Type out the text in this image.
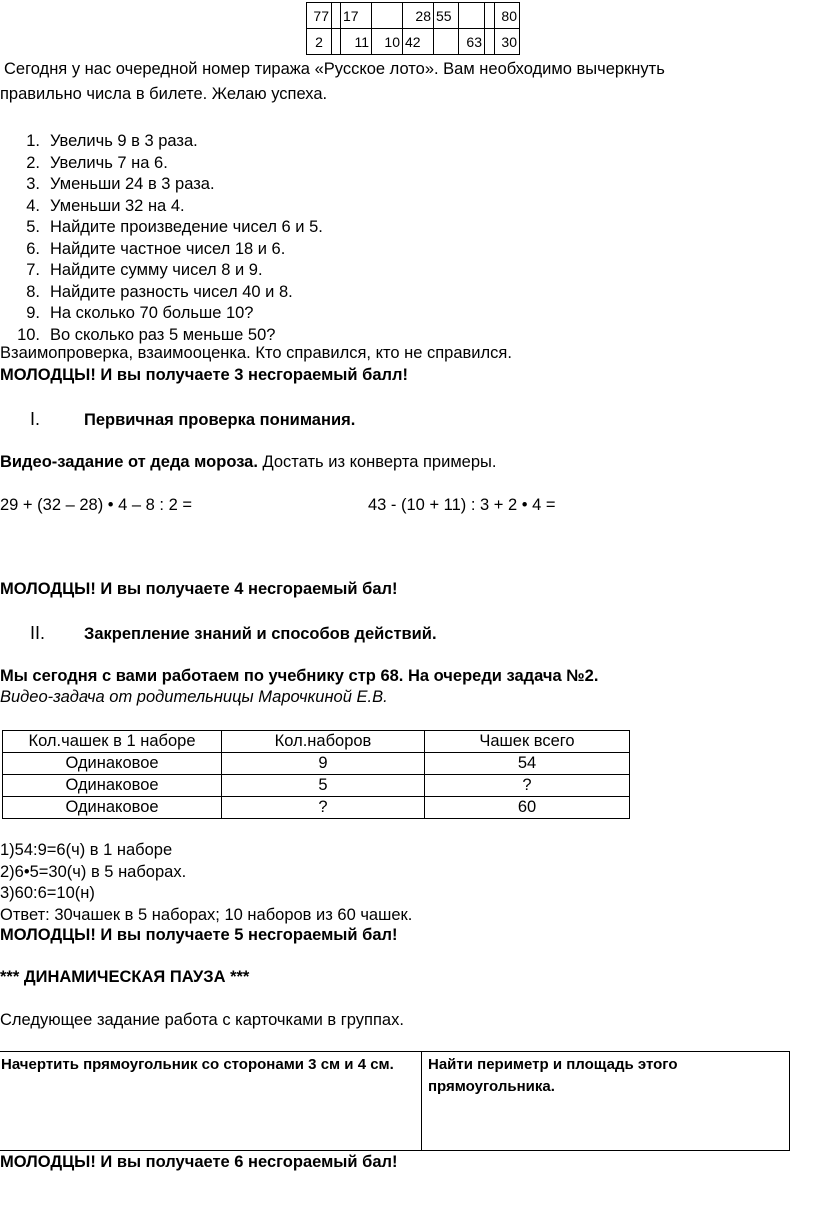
77		17		28	55			80
2		11	10	42		63		30
Сегодня у нас очередной номер тиража «Русское лото». Вам необходимо вычеркнуть
правильно числа в билете. Желаю успеха.
1. Увеличь 9 в 3 раза.
2. Увеличь 7 на 6.
3. Уменьши 24 в 3 раза.
4. Уменьши 32 на 4.
5. Найдите произведение чисел 6 и 5.
6. Найдите частное чисел 18 и 6.
7. Найдите сумму чисел 8 и 9.
8. Найдите разность чисел 40 и 8.
9. На сколько 70 больше 10?
10. Во сколько раз 5 меньше 50?
Взаимопроверка, взаимооценка. Кто справился, кто не справился.
МОЛОДЦЫ! И вы получаете 3 несгораемый балл!
I.	Первичная проверка понимания.
Видео-задание от деда мороза. Достать из конверта примеры.
29 + (32 – 28) • 4 – 8 : 2 =	43 - (10 + 11) : 3 + 2 • 4 =
МОЛОДЦЫ! И вы получаете 4 несгораемый бал!
II. Закрепление знаний и способов действий.
Мы сегодня с вами работаем по учебнику стр 68. На очереди задача №2.
Видео-задача от родительницы Марочкиной Е.В.
Кол.чашек в 1 наборе	Кол.наборов	Чашек всего
Одинаковое	9	54
Одинаковое	5	?
Одинаковое	?	60
1)54:9=6(ч) в 1 наборе
2)6•5=30(ч) в 5 наборах.
3)60:6=10(н)
Ответ: 30чашек в 5 наборах; 10 наборов из 60 чашек.
МОЛОДЦЫ! И вы получаете 5 несгораемый бал!
*** ДИНАМИЧЕСКАЯ ПАУЗА ***
Следующее задание работа с карточками в группах.
Начертить прямоугольник со сторонами 3 см и 4 см.	Найти периметр и площадь этого прямоугольника.
МОЛОДЦЫ! И вы получаете 6 несгораемый бал!
